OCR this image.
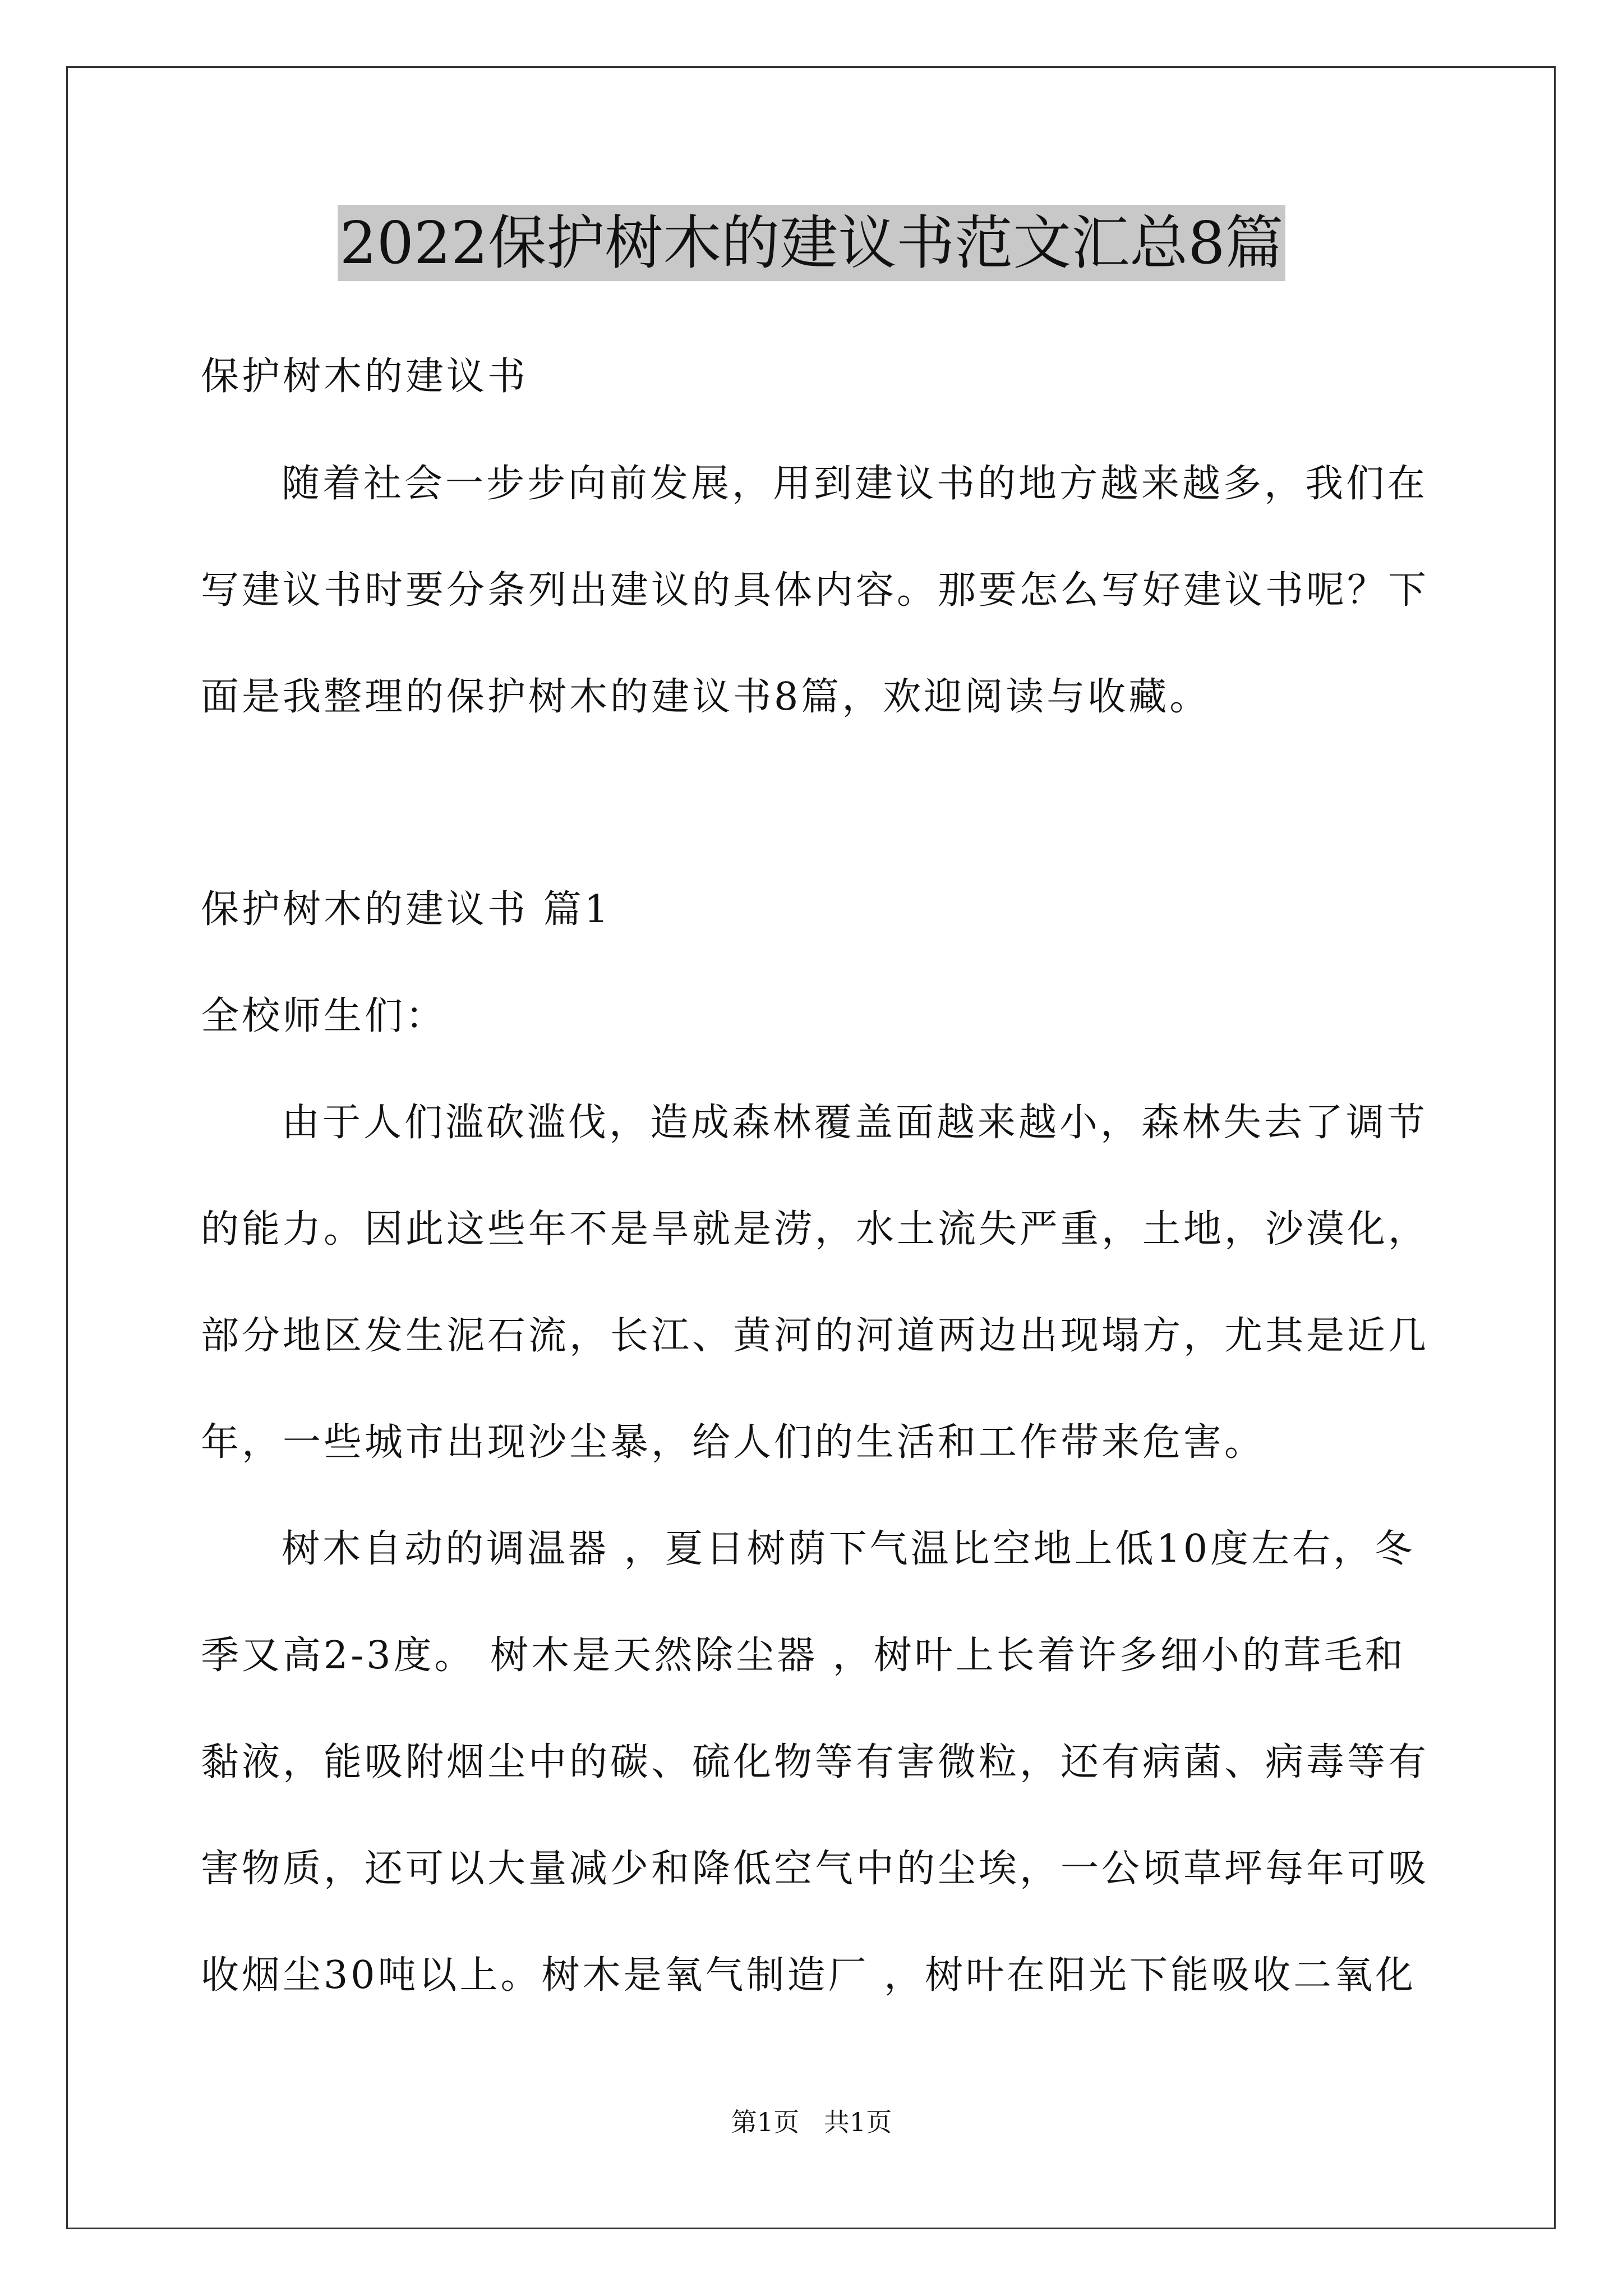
2022保护树木的建议书范文汇总8篇
保护树木的建议书
随着社会一步步向前发展，用到建议书的地方越来越多，我们在
写建议书时要分条列出建议的具体内容。那要怎么写好建议书呢？下
面是我整理的保护树木的建议书8篇，欢迎阅读与收藏。
保护树木的建议书 篇1
全校师生们：
由于人们滥砍滥伐，造成森林覆盖面越来越小，森林失去了调节
的能力。因此这些年不是旱就是涝，水土流失严重，土地，沙漠化，
部分地区发生泥石流，长江、黄河的河道两边出现塌方，尤其是近几
年，一些城市出现沙尘暴，给人们的生活和工作带来危害。
树木自动的调温器 ，夏日树荫下气温比空地上低10度左右，冬
季又高2-3度。 树木是天然除尘器 ，树叶上长着许多细小的茸毛和
黏液，能吸附烟尘中的碳、硫化物等有害微粒，还有病菌、病毒等有
害物质，还可以大量减少和降低空气中的尘埃，一公顷草坪每年可吸
收烟尘30吨以上。树木是氧气制造厂 ，树叶在阳光下能吸收二氧化
第1页   共1页
